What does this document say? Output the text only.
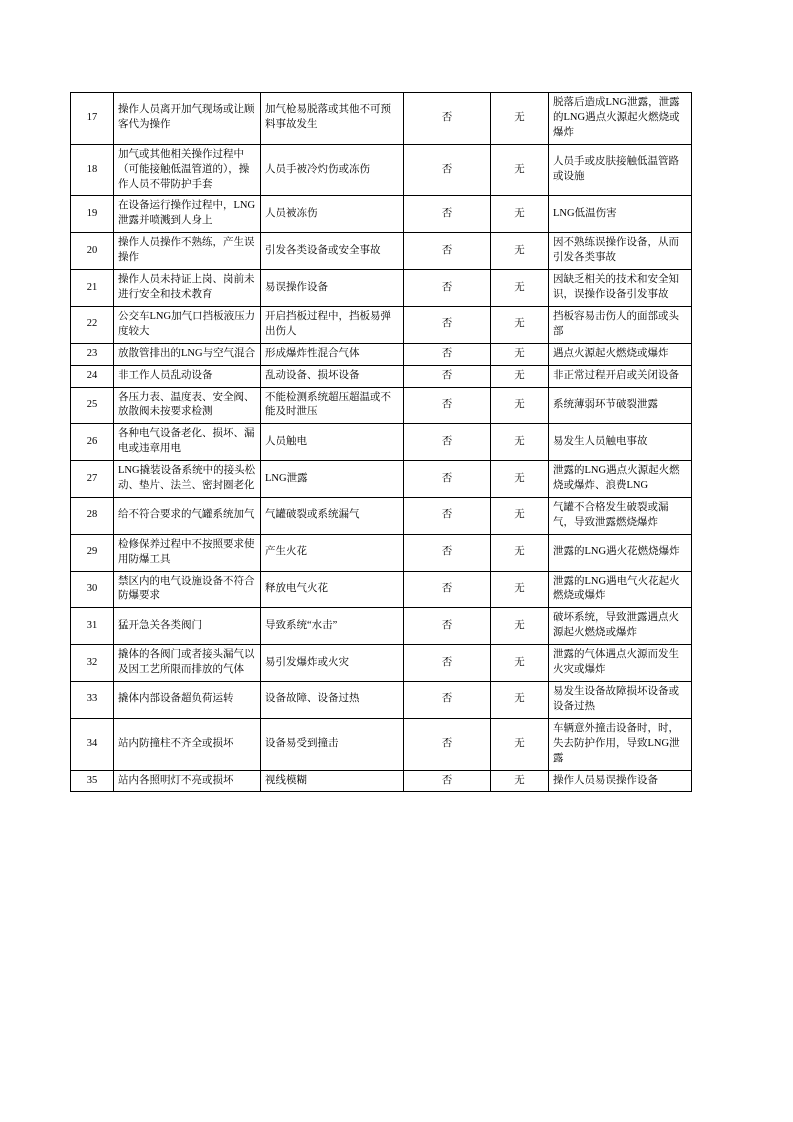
17	操作人员离开加气现场或让顾客代为操作	加气枪易脱落或其他不可预料事故发生	否	无	脱落后造成LNG泄露，泄露的LNG遇点火源起火燃烧或爆炸
18	加气或其他相关操作过程中（可能接触低温管道的），操作人员不带防护手套	人员手被冷灼伤或冻伤	否	无	人员手或皮肤接触低温管路或设施
19	在设备运行操作过程中，LNG泄露并喷溅到人身上	人员被冻伤	否	无	LNG低温伤害
20	操作人员操作不熟练，产生误操作	引发各类设备或安全事故	否	无	因不熟练误操作设备，从而引发各类事故
21	操作人员未持证上岗、岗前未进行安全和技术教育	易误操作设备	否	无	因缺乏相关的技术和安全知识，误操作设备引发事故
22	公交车LNG加气口挡板液压力度较大	开启挡板过程中，挡板易弹出伤人	否	无	挡板容易击伤人的面部或头部
23	放散管排出的LNG与空气混合	形成爆炸性混合气体	否	无	遇点火源起火燃烧或爆炸
24	非工作人员乱动设备	乱动设备、损坏设备	否	无	非正常过程开启或关闭设备
25	各压力表、温度表、安全阀、放散阀未按要求检测	不能检测系统超压超温或不能及时泄压	否	无	系统薄弱环节破裂泄露
26	各种电气设备老化、损坏、漏电或违章用电	人员触电	否	无	易发生人员触电事故
27	LNG撬装设备系统中的接头松动、垫片、法兰、密封圈老化	LNG泄露	否	无	泄露的LNG遇点火源起火燃烧或爆炸、浪费LNG
28	给不符合要求的气罐系统加气	气罐破裂或系统漏气	否	无	气罐不合格发生破裂或漏气，导致泄露燃烧爆炸
29	检修保养过程中不按照要求使用防爆工具	产生火花	否	无	泄露的LNG遇火花燃烧爆炸
30	禁区内的电气设施设备不符合防爆要求	释放电气火花	否	无	泄露的LNG遇电气火花起火燃烧或爆炸
31	猛开急关各类阀门	导致系统“水击”	否	无	破坏系统，导致泄露遇点火源起火燃烧或爆炸
32	撬体的各阀门或者接头漏气以及因工艺所限而排放的气体	易引发爆炸或火灾	否	无	泄露的气体遇点火源而发生火灾或爆炸
33	撬体内部设备超负荷运转	设备故障、设备过热	否	无	易发生设备故障损坏设备或设备过热
34	站内防撞柱不齐全或损坏	设备易受到撞击	否	无	车辆意外撞击设备时，时，失去防护作用，导致LNG泄露
35	站内各照明灯不亮或损坏	视线模糊	否	无	操作人员易误操作设备
